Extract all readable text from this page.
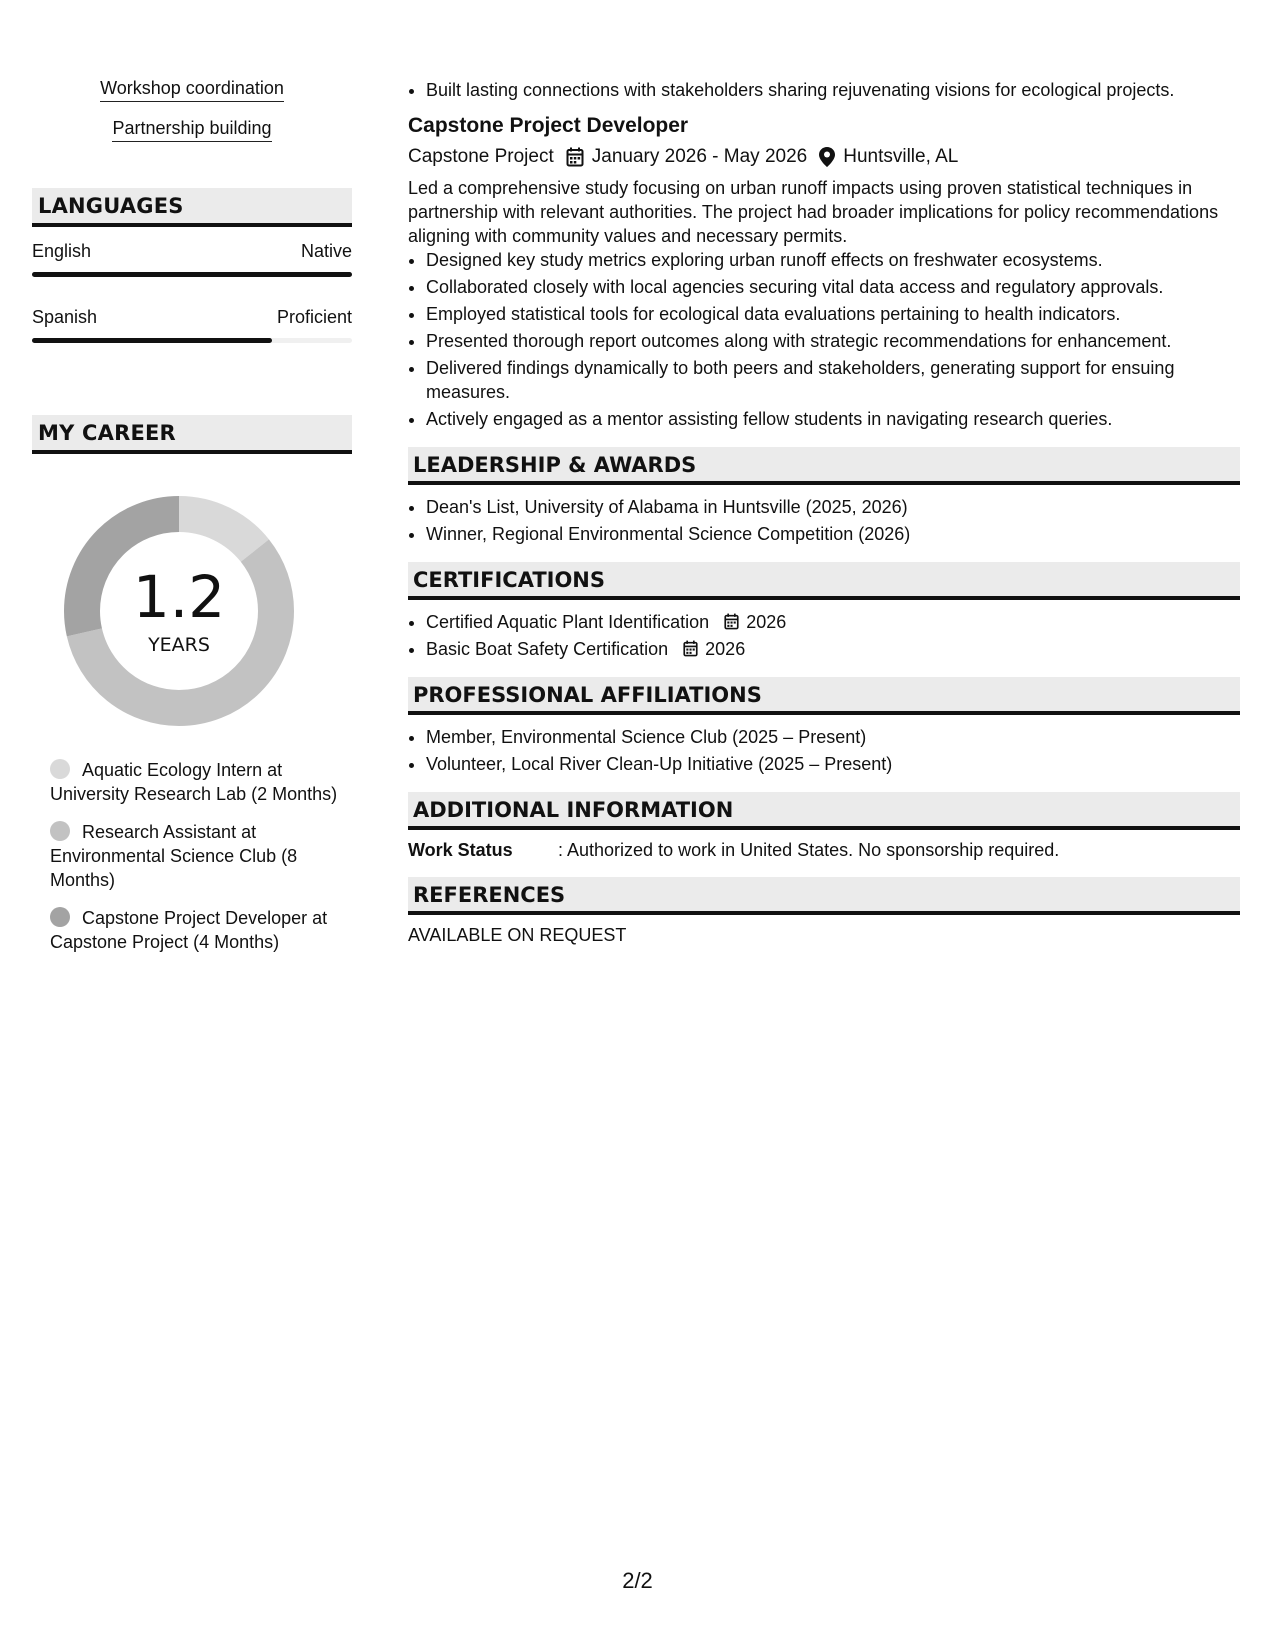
Workshop coordination
Partnership building
LANGUAGES
English	Native
Spanish	Proficient
MY CAREER
1.2
YEARS
Aquatic Ecology Intern at University Research Lab (2 Months)
Research Assistant at Environmental Science Club (8 Months)
Capstone Project Developer at Capstone Project (4 Months)
• Built lasting connections with stakeholders sharing rejuvenating visions for ecological projects.
Capstone Project Developer
Capstone Project January 2026 - May 2026 Huntsville, AL
Led a comprehensive study focusing on urban runoff impacts using proven statistical techniques in partnership with relevant authorities. The project had broader implications for policy recommendations aligning with community values and necessary permits.
• Designed key study metrics exploring urban runoff effects on freshwater ecosystems.
• Collaborated closely with local agencies securing vital data access and regulatory approvals.
• Employed statistical tools for ecological data evaluations pertaining to health indicators.
• Presented thorough report outcomes along with strategic recommendations for enhancement.
• Delivered findings dynamically to both peers and stakeholders, generating support for ensuing measures.
• Actively engaged as a mentor assisting fellow students in navigating research queries.
LEADERSHIP & AWARDS
• Dean's List, University of Alabama in Huntsville (2025, 2026)
• Winner, Regional Environmental Science Competition (2026)
CERTIFICATIONS
• Certified Aquatic Plant Identification 2026
• Basic Boat Safety Certification 2026
PROFESSIONAL AFFILIATIONS
• Member, Environmental Science Club (2025 – Present)
• Volunteer, Local River Clean-Up Initiative (2025 – Present)
ADDITIONAL INFORMATION
Work Status	: Authorized to work in United States. No sponsorship required.
REFERENCES
AVAILABLE ON REQUEST
2/2
